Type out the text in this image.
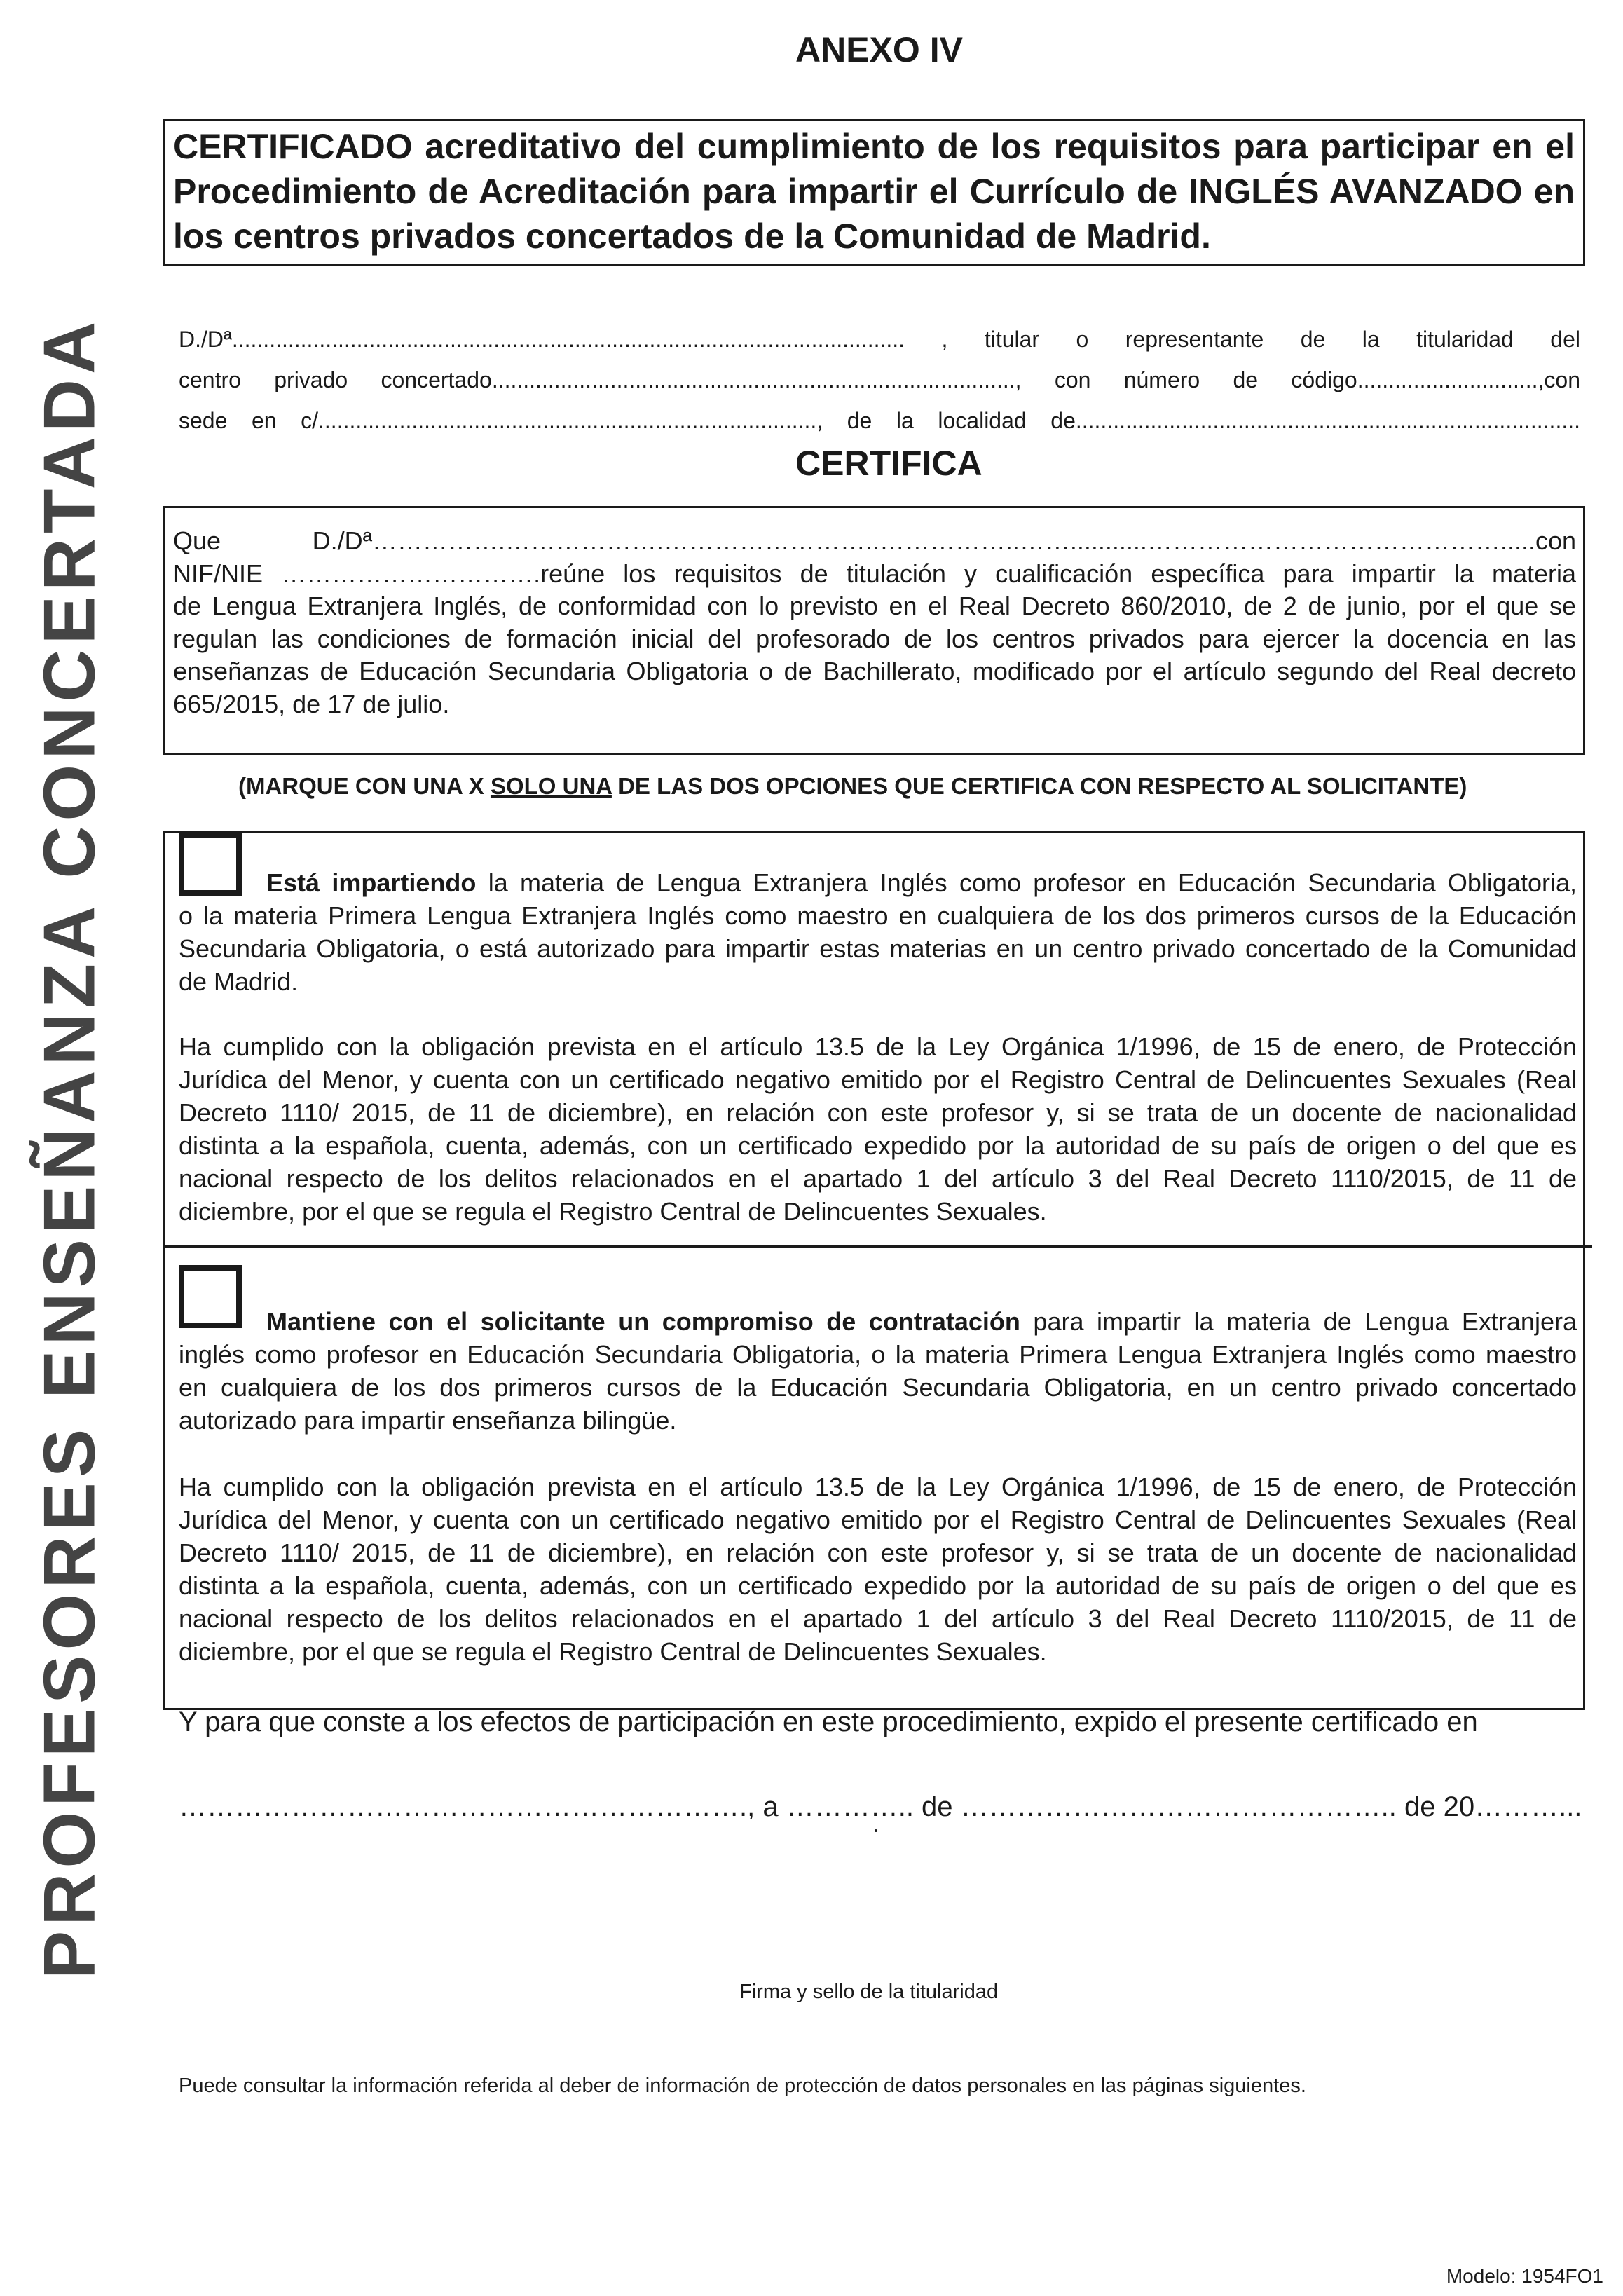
PROFESORES ENSEÑANZA CONCERTADA
ANEXO IV

CERTIFICADO acreditativo del cumplimiento de los requisitos para participar en el

Procedimiento de Acreditación para impartir el Currículo de INGLÉS AVANZADO en

los centros privados concertados de la Comunidad de Madrid.

D./Dª............................................................................................................ , titular o representante de la titularidad del
centro privado concertado...................................................................................., con número de código.............................,con
sede en c/................................................................................, de la localidad de.................................................................................
CERTIFICA
Que D./Dª…………….……………….……………………..……………..……...........…………………………………….....con
NIF/NIE ………………………….reúne los requisitos de titulación y cualificación específica para impartir la materia
de Lengua Extranjera Inglés, de conformidad con lo previsto en el Real Decreto 860/2010, de 2 de junio, por el que se
regulan las condiciones de formación inicial del profesorado de los centros privados para ejercer la docencia en las
enseñanzas de Educación Secundaria Obligatoria o de Bachillerato, modificado por el artículo segundo del Real decreto
665/2015, de 17 de julio.
(MARQUE CON UNA X SOLO UNA DE LAS DOS OPCIONES QUE CERTIFICA CON RESPECTO AL SOLICITANTE)
Está impartiendo la materia de Lengua Extranjera Inglés como profesor en Educación Secundaria Obligatoria,
o la materia Primera Lengua Extranjera Inglés como maestro en cualquiera de los dos primeros cursos de la Educación
Secundaria Obligatoria, o está autorizado para impartir estas materias en un centro privado concertado de la Comunidad
de Madrid.
Ha cumplido con la obligación prevista en el artículo 13.5 de la Ley Orgánica 1/1996, de 15 de enero, de Protección
Jurídica del Menor, y cuenta con un certificado negativo emitido por el Registro Central de Delincuentes Sexuales (Real
Decreto 1110/ 2015, de 11 de diciembre), en relación con este profesor y, si se trata de un docente de nacionalidad
distinta a la española, cuenta, además, con un certificado expedido por la autoridad de su país de origen o del que es
nacional respecto de los delitos relacionados en el apartado 1 del artículo 3 del Real Decreto 1110/2015, de 11 de
diciembre, por el que se regula el Registro Central de Delincuentes Sexuales.
Mantiene con el solicitante un compromiso de contratación para impartir la materia de Lengua Extranjera
inglés como profesor en Educación Secundaria Obligatoria, o la materia Primera Lengua Extranjera Inglés como maestro
en cualquiera de los dos primeros cursos de la Educación Secundaria Obligatoria, en un centro privado concertado
autorizado para impartir enseñanza bilingüe.
Ha cumplido con la obligación prevista en el artículo 13.5 de la Ley Orgánica 1/1996, de 15 de enero, de Protección
Jurídica del Menor, y cuenta con un certificado negativo emitido por el Registro Central de Delincuentes Sexuales (Real
Decreto 1110/ 2015, de 11 de diciembre), en relación con este profesor y, si se trata de un docente de nacionalidad
distinta a la española, cuenta, además, con un certificado expedido por la autoridad de su país de origen o del que es
nacional respecto de los delitos relacionados en el apartado 1 del artículo 3 del Real Decreto 1110/2015, de 11 de
diciembre, por el que se regula el Registro Central de Delincuentes Sexuales.
Y para que conste a los efectos de participación en este procedimiento, expido el presente certificado en
……………………………………………………., a ………….. de ……………………………………….. de 20………...
Firma y sello de la titularidad
Puede consultar la información referida al deber de información de protección de datos personales en las páginas siguientes.
Modelo: 1954FO1
